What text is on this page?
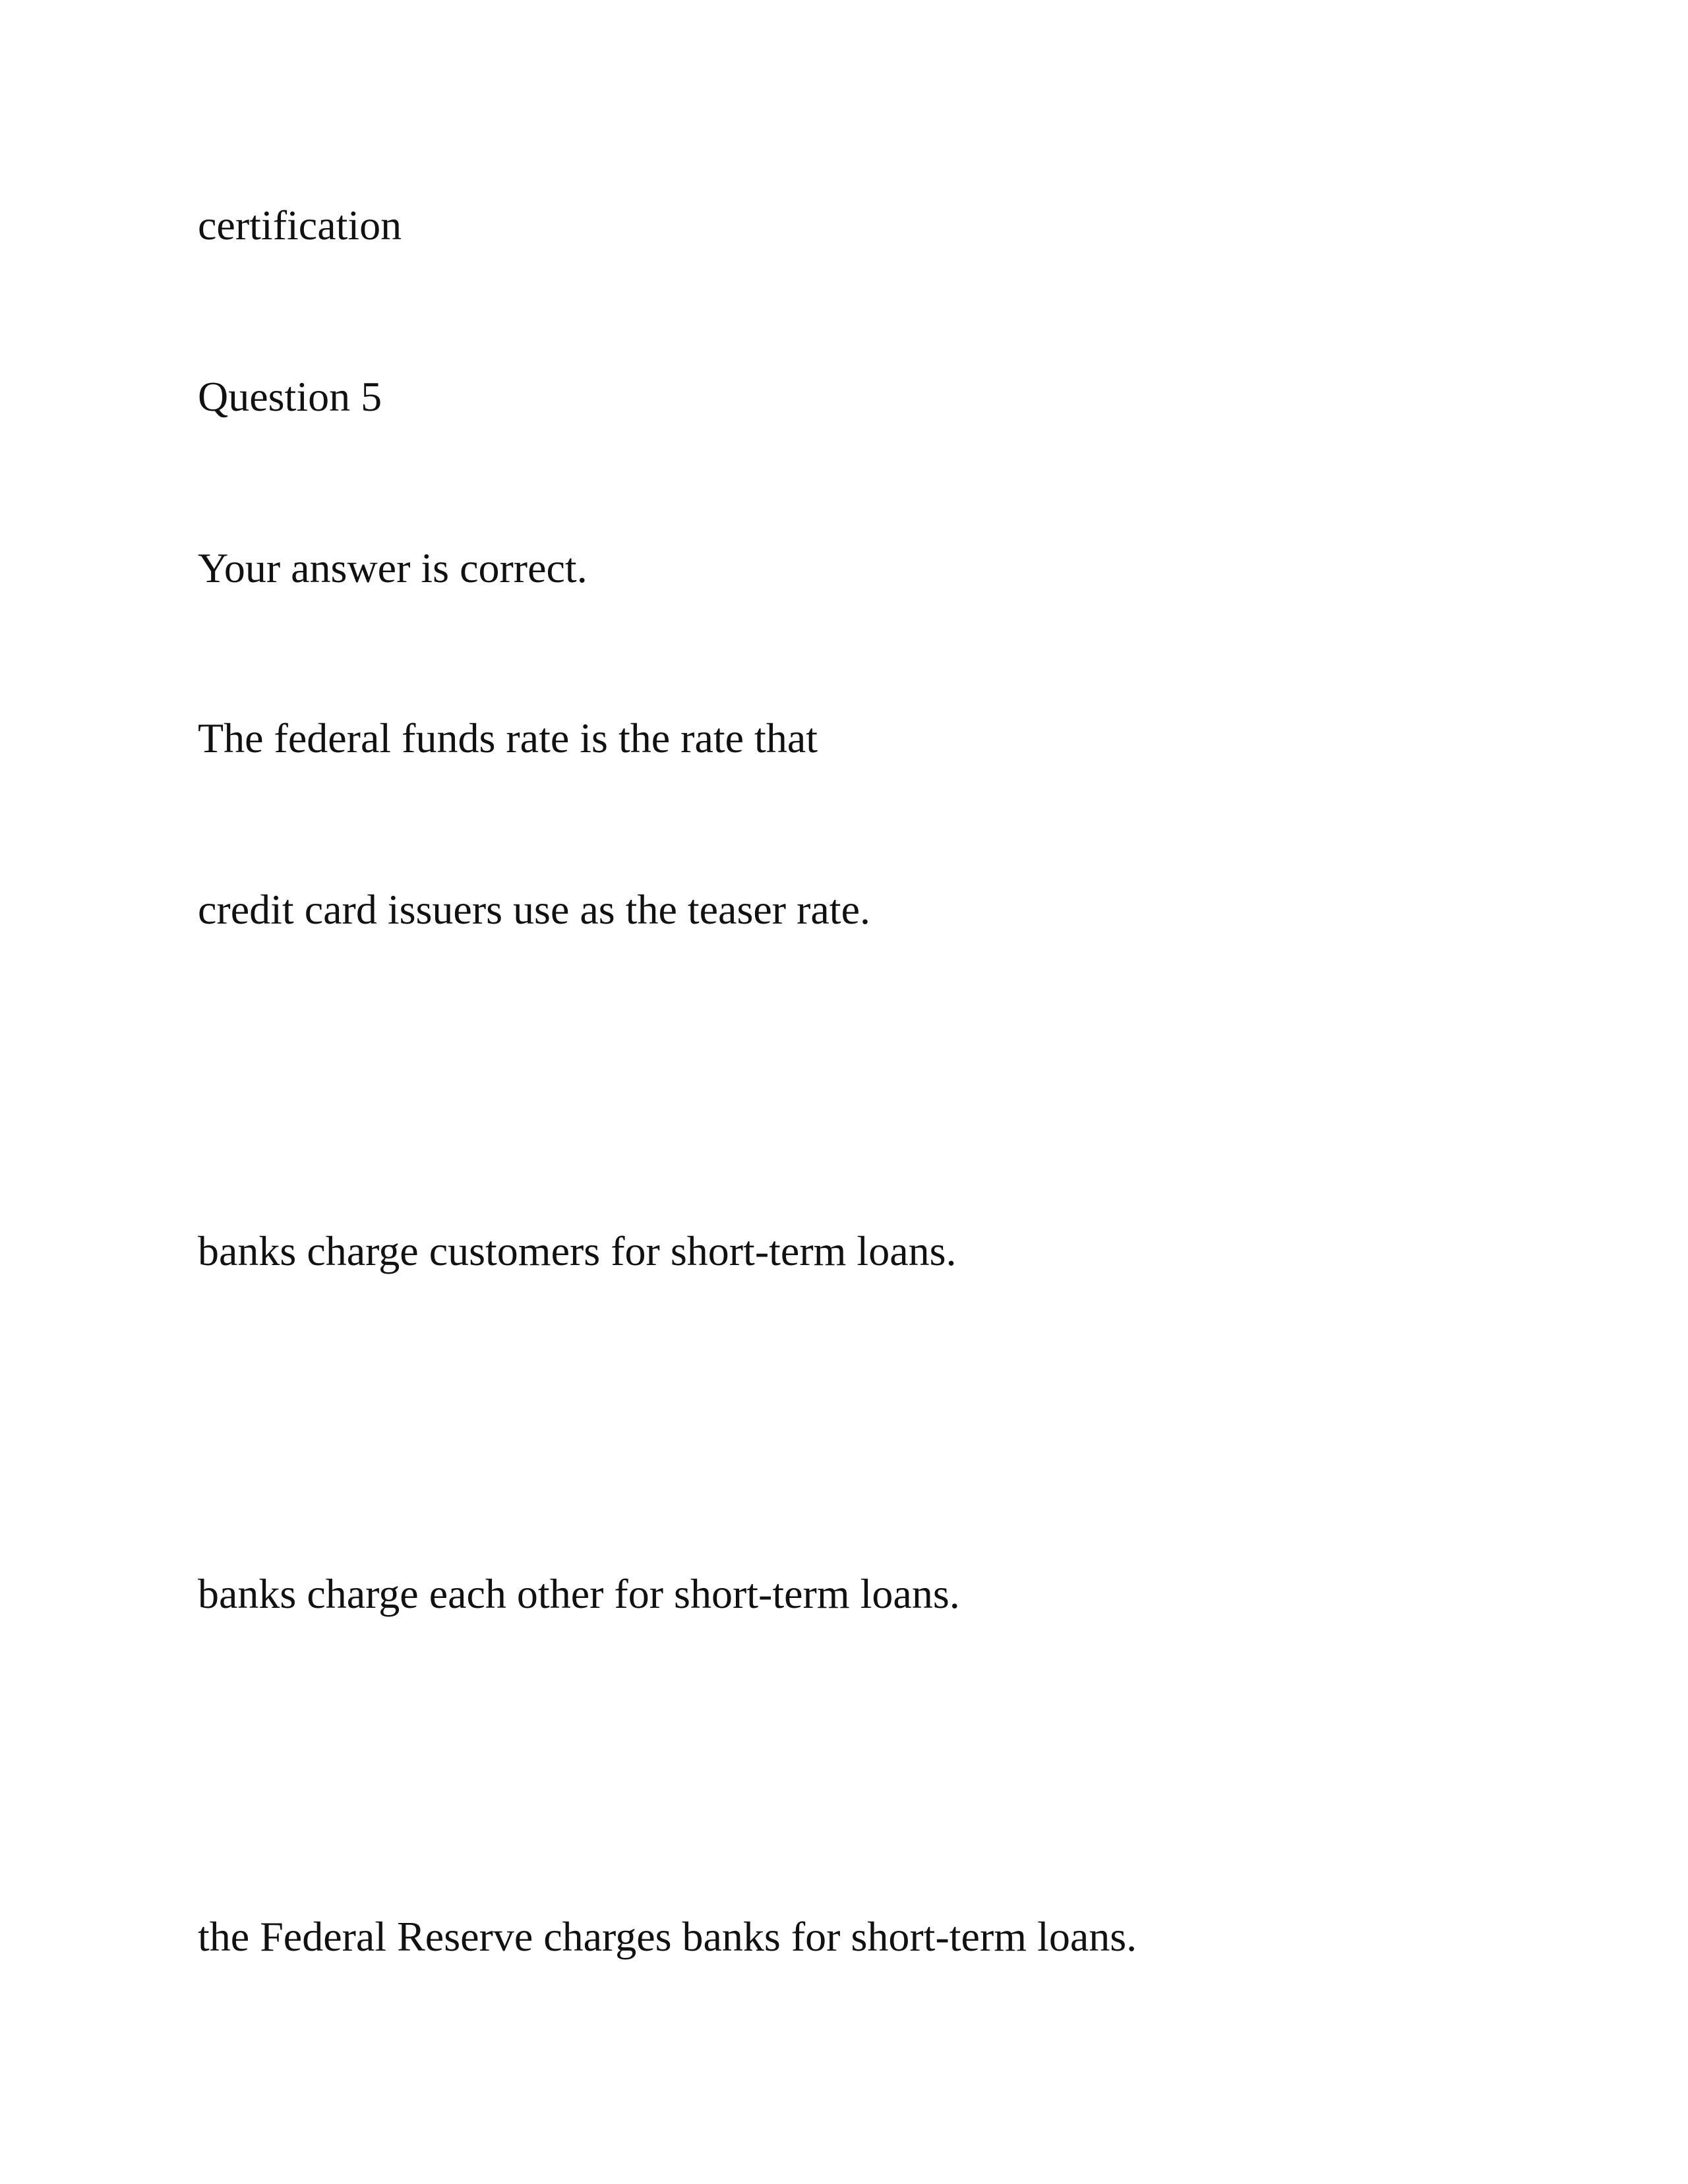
certification

Question 5

Your answer is correct.

The federal funds rate is the rate that

credit card issuers use as the teaser rate.

banks charge customers for short-term loans.

banks charge each other for short-term loans.

the Federal Reserve charges banks for short-term loans.
